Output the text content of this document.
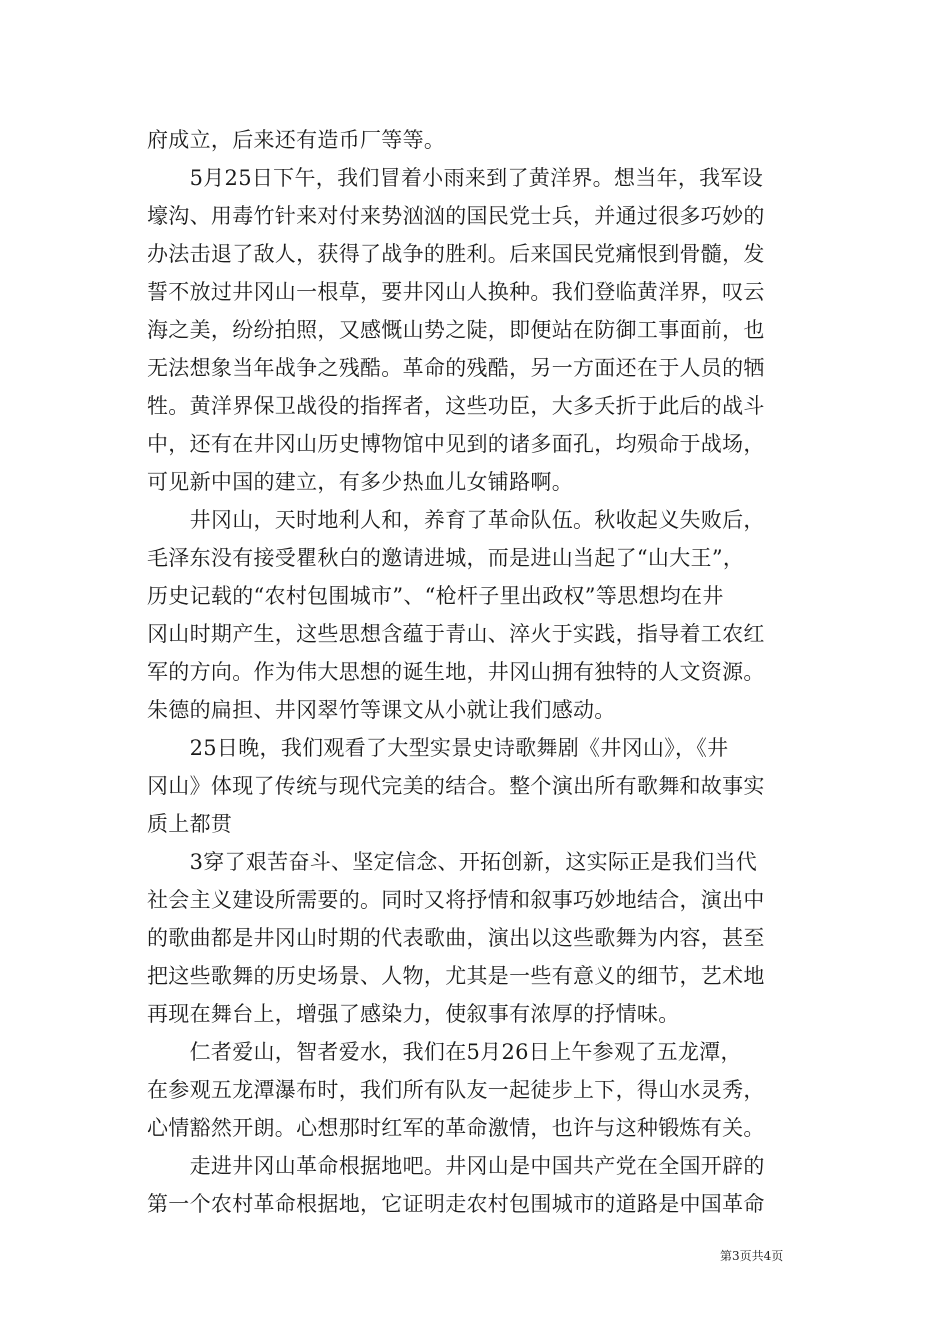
府成立，后来还有造币厂等等。
　　5月25日下午，我们冒着小雨来到了黄洋界。想当年，我军设
壕沟、用毒竹针来对付来势汹汹的国民党士兵，并通过很多巧妙的
办法击退了敌人，获得了战争的胜利。后来国民党痛恨到骨髓，发
誓不放过井冈山一根草，要井冈山人换种。我们登临黄洋界，叹云
海之美，纷纷拍照，又感慨山势之陡，即便站在防御工事面前，也
无法想象当年战争之残酷。革命的残酷，另一方面还在于人员的牺
牲。黄洋界保卫战役的指挥者，这些功臣，大多夭折于此后的战斗
中，还有在井冈山历史博物馆中见到的诸多面孔，均殒命于战场，
可见新中国的建立，有多少热血儿女铺路啊。
　　井冈山，天时地利人和，养育了革命队伍。秋收起义失败后，
毛泽东没有接受瞿秋白的邀请进城，而是进山当起了“山大王”，
历史记载的“农村包围城市”、“枪杆子里出政权”等思想均在井
冈山时期产生，这些思想含蕴于青山、淬火于实践，指导着工农红
军的方向。作为伟大思想的诞生地，井冈山拥有独特的人文资源。
朱德的扁担、井冈翠竹等课文从小就让我们感动。
　　25日晚，我们观看了大型实景史诗歌舞剧《井冈山》，《井
冈山》体现了传统与现代完美的结合。整个演出所有歌舞和故事实
质上都贯
　　3穿了艰苦奋斗、坚定信念、开拓创新，这实际正是我们当代
社会主义建设所需要的。同时又将抒情和叙事巧妙地结合，演出中
的歌曲都是井冈山时期的代表歌曲，演出以这些歌舞为内容，甚至
把这些歌舞的历史场景、人物，尤其是一些有意义的细节，艺术地
再现在舞台上，增强了感染力，使叙事有浓厚的抒情味。
　　仁者爱山，智者爱水，我们在5月26日上午参观了五龙潭，
在参观五龙潭瀑布时，我们所有队友一起徒步上下，得山水灵秀，
心情豁然开朗。心想那时红军的革命激情，也许与这种锻炼有关。
　　走进井冈山革命根据地吧。井冈山是中国共产党在全国开辟的
第一个农村革命根据地，它证明走农村包围城市的道路是中国革命
第3页共4页
